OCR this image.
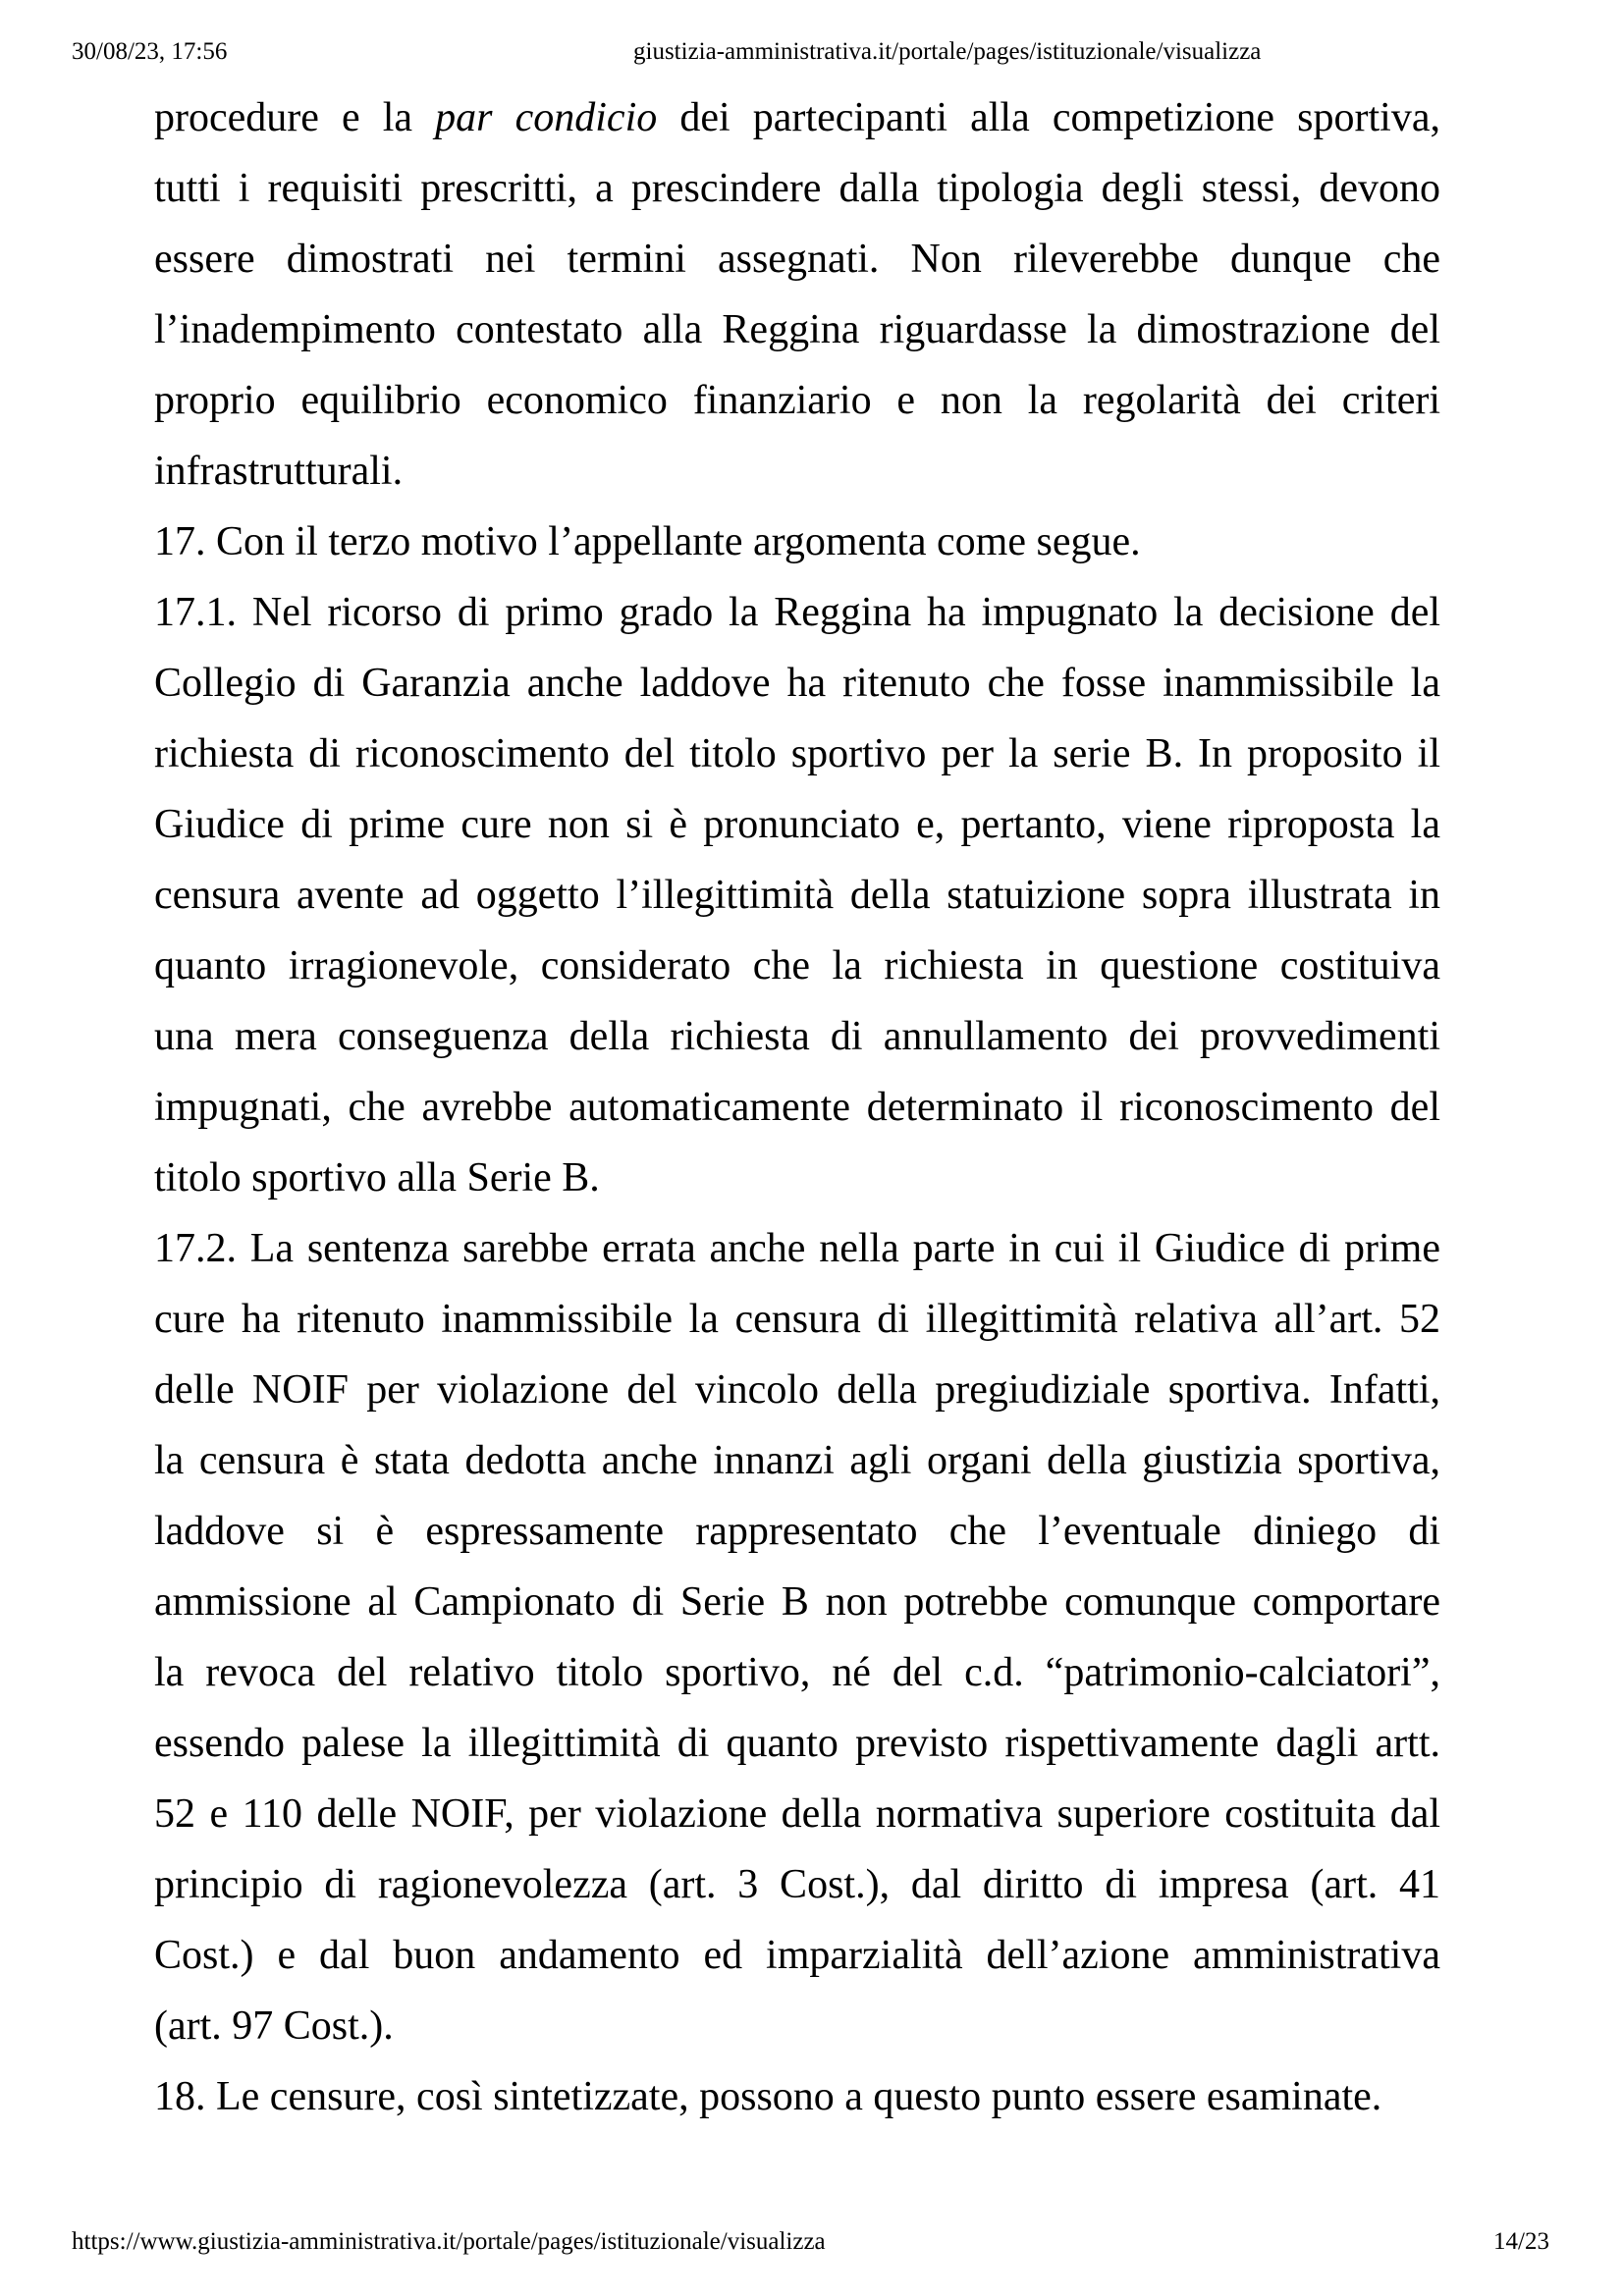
30/08/23, 17:56	giustizia-amministrativa.it/portale/pages/istituzionale/visualizza
procedure e la par condicio dei partecipanti alla competizione sportiva,
tutti i requisiti prescritti, a prescindere dalla tipologia degli stessi, devono
essere dimostrati nei termini assegnati. Non rileverebbe dunque che
l’inadempimento contestato alla Reggina riguardasse la dimostrazione del
proprio equilibrio economico finanziario e non la regolarità dei criteri
infrastrutturali.
17. Con il terzo motivo l’appellante argomenta come segue.
17.1. Nel ricorso di primo grado la Reggina ha impugnato la decisione del
Collegio di Garanzia anche laddove ha ritenuto che fosse inammissibile la
richiesta di riconoscimento del titolo sportivo per la serie B. In proposito il
Giudice di prime cure non si è pronunciato e, pertanto, viene riproposta la
censura avente ad oggetto l’illegittimità della statuizione sopra illustrata in
quanto irragionevole, considerato che la richiesta in questione costituiva
una mera conseguenza della richiesta di annullamento dei provvedimenti
impugnati, che avrebbe automaticamente determinato il riconoscimento del
titolo sportivo alla Serie B.
17.2. La sentenza sarebbe errata anche nella parte in cui il Giudice di prime
cure ha ritenuto inammissibile la censura di illegittimità relativa all’art. 52
delle NOIF per violazione del vincolo della pregiudiziale sportiva. Infatti,
la censura è stata dedotta anche innanzi agli organi della giustizia sportiva,
laddove si è espressamente rappresentato che l’eventuale diniego di
ammissione al Campionato di Serie B non potrebbe comunque comportare
la revoca del relativo titolo sportivo, né del c.d. “patrimonio-calciatori”,
essendo palese la illegittimità di quanto previsto rispettivamente dagli artt.
52 e 110 delle NOIF, per violazione della normativa superiore costituita dal
principio di ragionevolezza (art. 3 Cost.), dal diritto di impresa (art. 41
Cost.) e dal buon andamento ed imparzialità dell’azione amministrativa
(art. 97 Cost.).
18. Le censure, così sintetizzate, possono a questo punto essere esaminate.
https://www.giustizia-amministrativa.it/portale/pages/istituzionale/visualizza	14/23
